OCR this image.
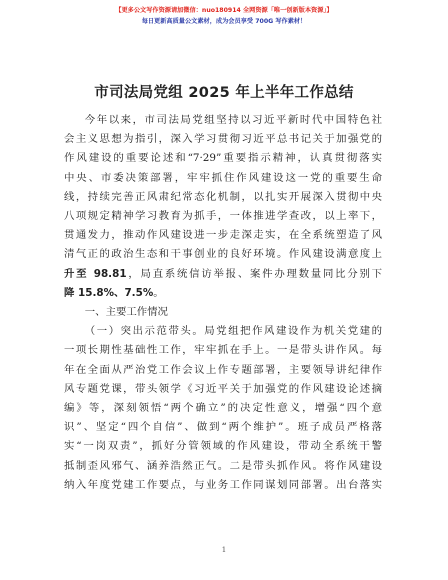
【更多公文写作资源请加微信：nuo180914 全网资源「唯一创新版本资源」】
每日更新高质量公文素材，成为会员享受 700G 写作素材！
市司法局党组 2025 年上半年工作总结

今年以来，市司法局党组坚持以习近平新时代中国特色社

会主义思想为指引，深入学习贯彻习近平总书记关于加强党的

作风建设的重要论述和“7·29”重要指示精神，认真贯彻落实

中央、市委决策部署，牢牢抓住作风建设这一党的重要生命

线，持续完善正风肃纪常态化机制，以扎实开展深入贯彻中央

八项规定精神学习教育为抓手，一体推进学查改，以上率下，

贯通发力，推动作风建设进一步走深走实，在全系统塑造了风

清气正的政治生态和干事创业的良好环境。作风建设满意度上

升至 98.81，局直系统信访举报、案件办理数量同比分别下

降 15.8%、7.5%。

一、主要工作情况

（一）突出示范带头。局党组把作风建设作为机关党建的

一项长期性基础性工作，牢牢抓在手上。一是带头讲作风。每

年在全面从严治党工作会议上作专题部署，主要领导讲纪律作

风专题党课，带头领学《习近平关于加强党的作风建设论述摘

编》等，深刻领悟“两个确立”的决定性意义，增强“四个意

识”、坚定“四个自信”、做到“两个维护”。班子成员严格落

实“一岗双责”，抓好分管领域的作风建设，带动全系统干警

抵制歪风邪气、涵养浩然正气。二是带头抓作风。将作风建设

纳入年度党建工作要点，与业务工作同谋划同部署。出台落实

1
